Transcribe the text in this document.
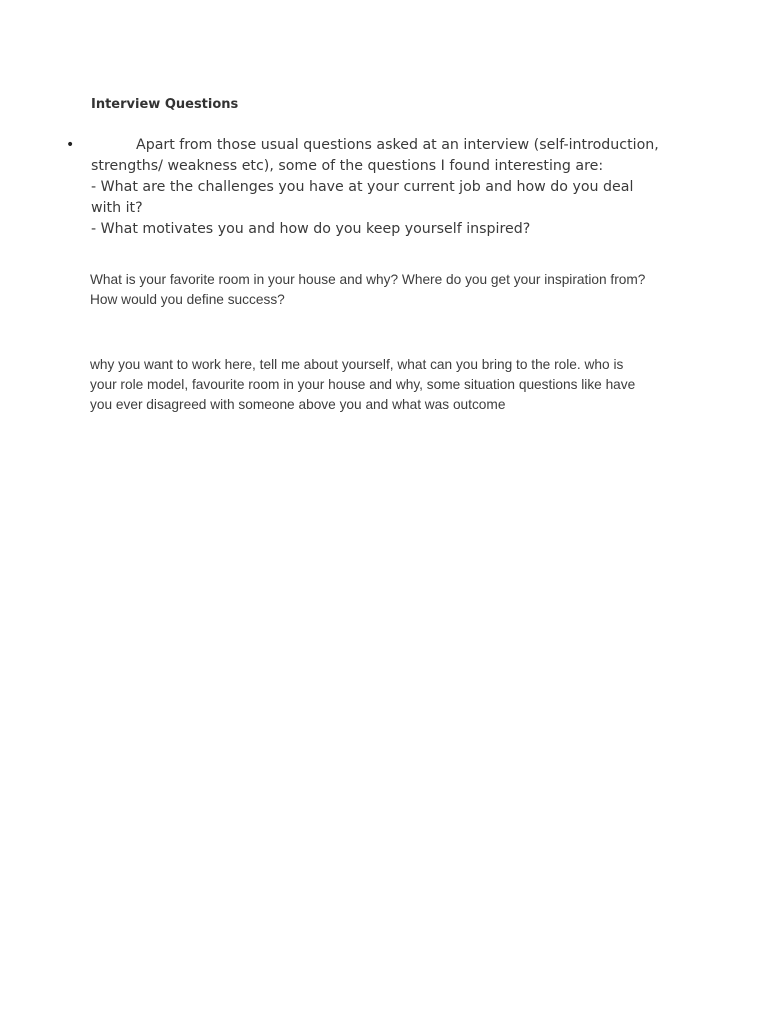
Interview Questions
•	Apart from those usual questions asked at an interview (self-introduction,
strengths/ weakness etc), some of the questions I found interesting are:
- What are the challenges you have at your current job and how do you deal
with it?
- What motivates you and how do you keep yourself inspired?
What is your favorite room in your house and why? Where do you get your inspiration from?
How would you define success?
why you want to work here, tell me about yourself, what can you bring to the role. who is
your role model, favourite room in your house and why, some situation questions like have
you ever disagreed with someone above you and what was outcome
